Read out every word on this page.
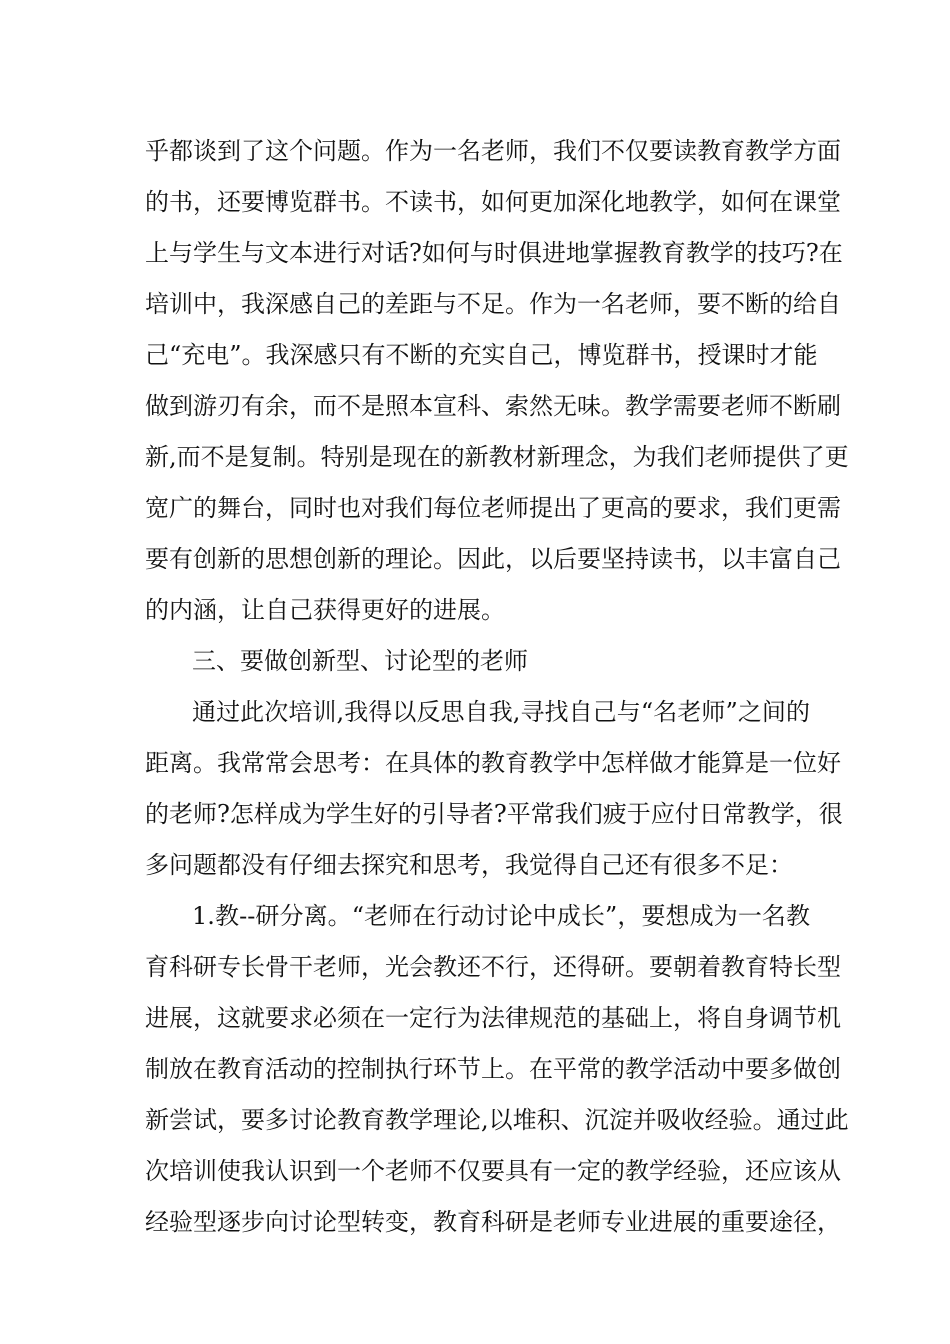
乎都谈到了这个问题。作为一名老师，我们不仅要读教育教学方面
的书，还要博览群书。不读书，如何更加深化地教学，如何在课堂
上与学生与文本进行对话?如何与时俱进地掌握教育教学的技巧?在
培训中，我深感自己的差距与不足。作为一名老师，要不断的给自
己“充电”。我深感只有不断的充实自己，博览群书，授课时才能
做到游刃有余，而不是照本宣科、索然无味。教学需要老师不断刷
新,而不是复制。特别是现在的新教材新理念，为我们老师提供了更
宽广的舞台，同时也对我们每位老师提出了更高的要求，我们更需
要有创新的思想创新的理论。因此，以后要坚持读书，以丰富自己
的内涵，让自己获得更好的进展。
三、要做创新型、讨论型的老师
通过此次培训,我得以反思自我,寻找自己与“名老师”之间的
距离。我常常会思考：在具体的教育教学中怎样做才能算是一位好
的老师?怎样成为学生好的引导者?平常我们疲于应付日常教学，很
多问题都没有仔细去探究和思考，我觉得自己还有很多不足：
1.教--研分离。“老师在行动讨论中成长”，要想成为一名教
育科研专长骨干老师，光会教还不行，还得研。要朝着教育特长型
进展，这就要求必须在一定行为法律规范的基础上，将自身调节机
制放在教育活动的控制执行环节上。在平常的教学活动中要多做创
新尝试，要多讨论教育教学理论,以堆积、沉淀并吸收经验。通过此
次培训使我认识到一个老师不仅要具有一定的教学经验，还应该从
经验型逐步向讨论型转变，教育科研是老师专业进展的重要途径，
